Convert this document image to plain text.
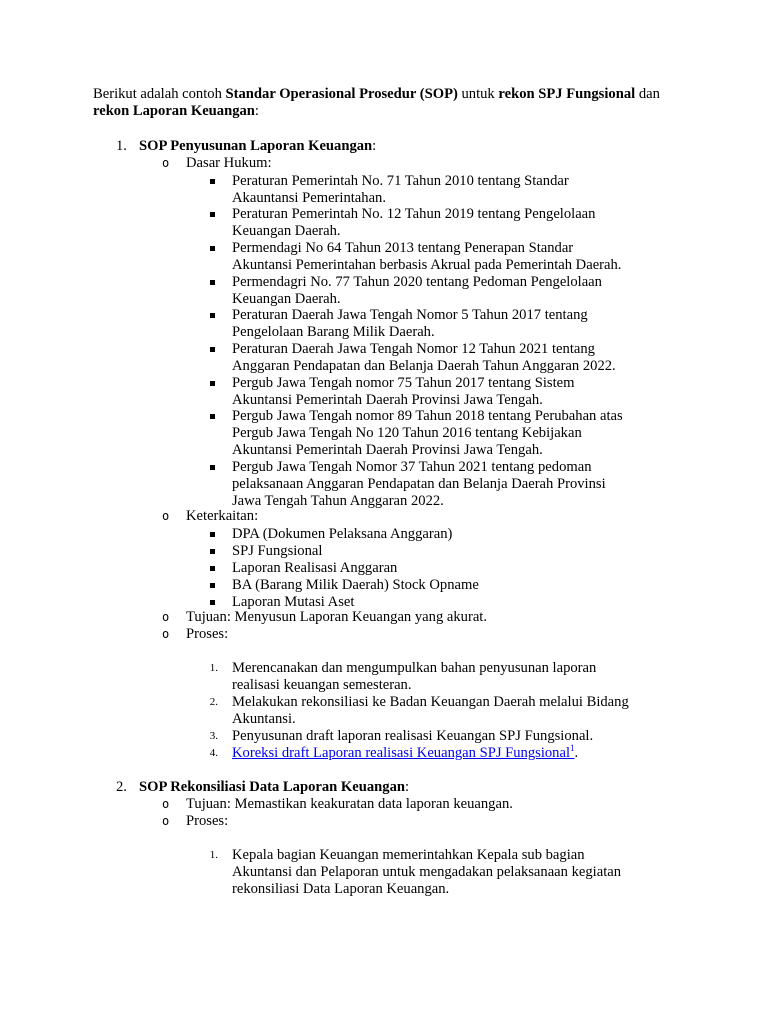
Berikut adalah contoh Standar Operasional Prosedur (SOP) untuk rekon SPJ Fungsional dan rekon Laporan Keuangan:
1. SOP Penyusunan Laporan Keuangan:
o Dasar Hukum:
Peraturan Pemerintah No. 71 Tahun 2010 tentang Standar
Akauntansi Pemerintahan.
Peraturan Pemerintah No. 12 Tahun 2019 tentang Pengelolaan
Keuangan Daerah.
Permendagi No 64 Tahun 2013 tentang Penerapan Standar
Akuntansi Pemerintahan berbasis Akrual pada Pemerintah Daerah.
Permendagri No. 77 Tahun 2020 tentang Pedoman Pengelolaan
Keuangan Daerah.
Peraturan Daerah Jawa Tengah Nomor 5 Tahun 2017 tentang
Pengelolaan Barang Milik Daerah.
Peraturan Daerah Jawa Tengah Nomor 12 Tahun 2021 tentang
Anggaran Pendapatan dan Belanja Daerah Tahun Anggaran 2022.
Pergub Jawa Tengah nomor 75 Tahun 2017 tentang Sistem
Akuntansi Pemerintah Daerah Provinsi Jawa Tengah.
Pergub Jawa Tengah nomor 89 Tahun 2018 tentang Perubahan atas
Pergub Jawa Tengah No 120 Tahun 2016 tentang Kebijakan
Akuntansi Pemerintah Daerah Provinsi Jawa Tengah.
Pergub Jawa Tengah Nomor 37 Tahun 2021 tentang pedoman
pelaksanaan Anggaran Pendapatan dan Belanja Daerah Provinsi
Jawa Tengah Tahun Anggaran 2022.
o Keterkaitan:
DPA (Dokumen Pelaksana Anggaran)
SPJ Fungsional
Laporan Realisasi Anggaran
BA (Barang Milik Daerah) Stock Opname
Laporan Mutasi Aset
o Tujuan: Menyusun Laporan Keuangan yang akurat.
o Proses:
1. Merencanakan dan mengumpulkan bahan penyusunan laporan
realisasi keuangan semesteran.
2. Melakukan rekonsiliasi ke Badan Keuangan Daerah melalui Bidang
Akuntansi.
3. Penyusunan draft laporan realisasi Keuangan SPJ Fungsional.
4. Koreksi draft Laporan realisasi Keuangan SPJ Fungsional$^1$.
2. SOP Rekonsiliasi Data Laporan Keuangan:
o Tujuan: Memastikan keakuratan data laporan keuangan.
o Proses:
1. Kepala bagian Keuangan memerintahkan Kepala sub bagian
Akuntansi dan Pelaporan untuk mengadakan pelaksanaan kegiatan
rekonsiliasi Data Laporan Keuangan.
